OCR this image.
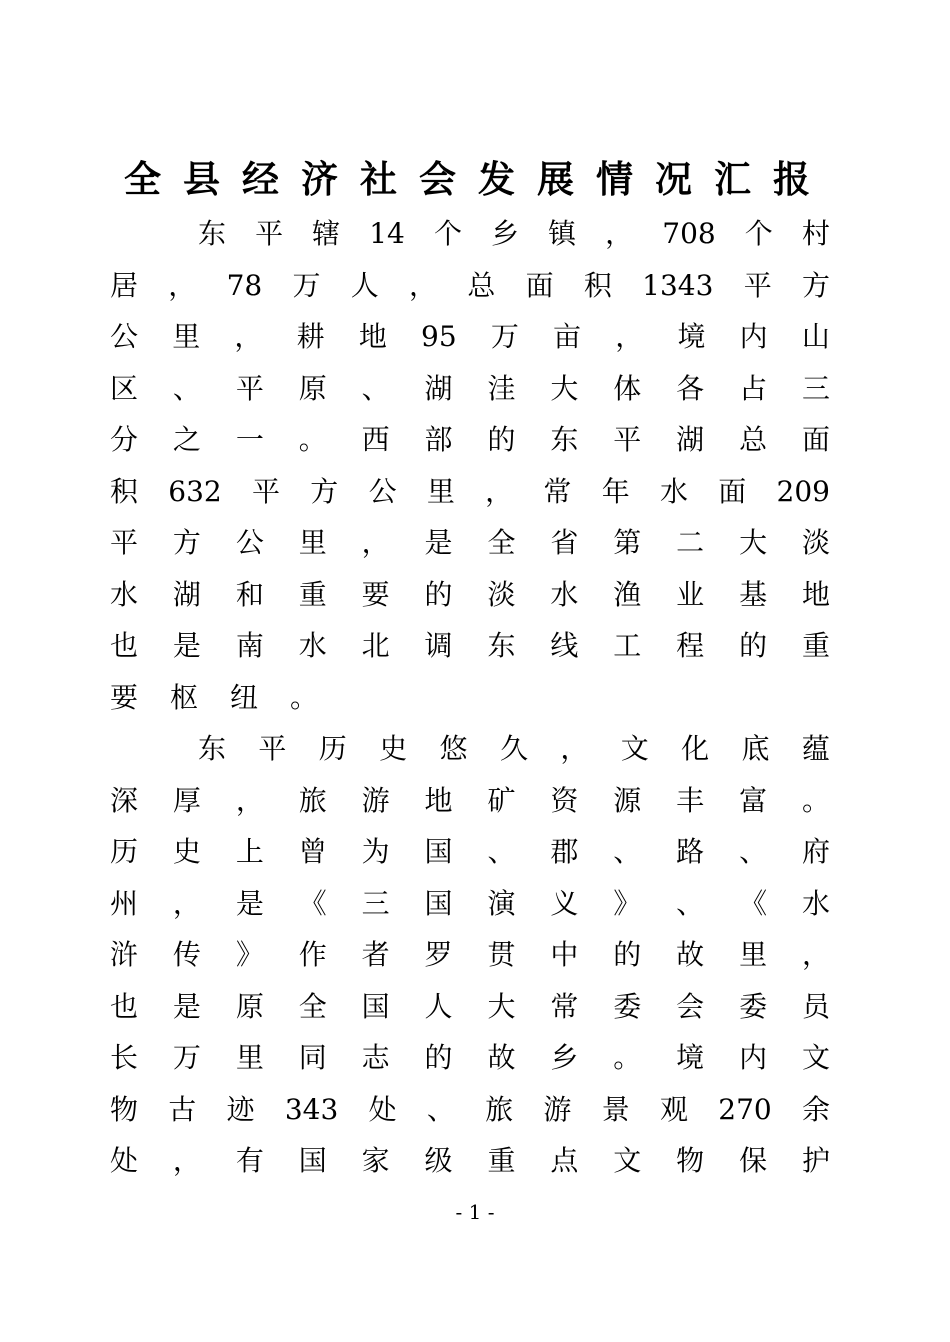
全 县 经 济 社 会 发 展 情 况 汇 报
东 平 辖 14 个 乡 镇 ， 708 个 村
居 ， 78 万 人 ， 总 面 积 1343 平 方
公 里 ， 耕 地 95 万 亩 ， 境 内 山
区 、 平 原 、 湖 洼 大 体 各 占 三
分 之 一 。 西 部 的 东 平 湖 总 面
积 632 平 方 公 里 ， 常 年 水 面 209
平 方 公 里 ， 是 全 省 第 二 大 淡
水 湖 和 重 要 的 淡 水 渔 业 基 地
也 是 南 水 北 调 东 线 工 程 的 重
要 枢 纽 。
东 平 历 史 悠 久 ， 文 化 底 蕴
深 厚 ， 旅 游 地 矿 资 源 丰 富 。
历 史 上 曾 为 国 、 郡 、 路 、 府
州 ， 是 《 三 国 演 义 》 、 《 水
浒 传 》 作 者 罗 贯 中 的 故 里 ，
也 是 原 全 国 人 大 常 委 会 委 员
长 万 里 同 志 的 故 乡 。 境 内 文
物 古 迹 343 处 、 旅 游 景 观 270 余
处 ， 有 国 家 级 重 点 文 物 保 护
- 1 -
